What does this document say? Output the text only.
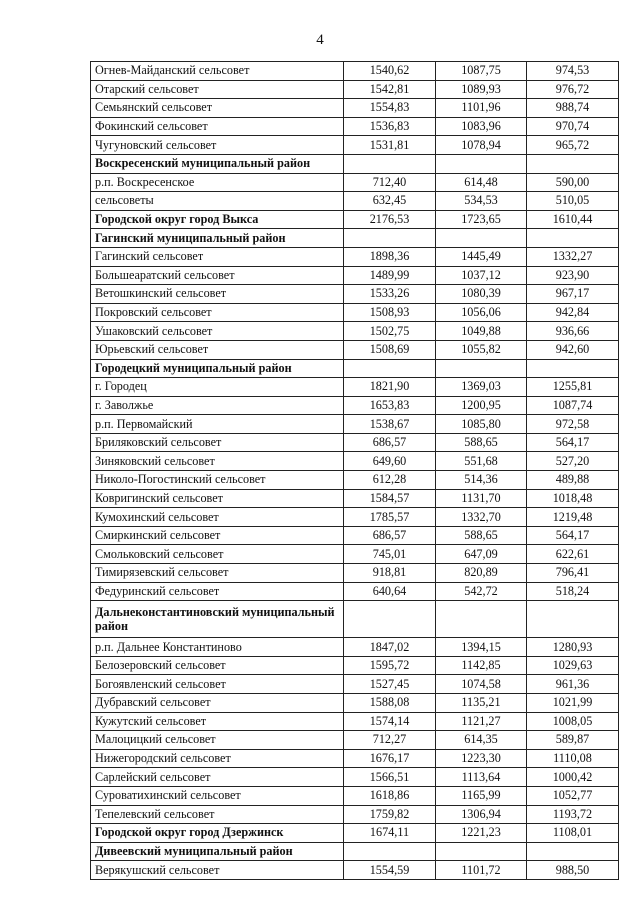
4
Огнев-Майданский сельсовет	1540,62	1087,75	974,53
Отарский сельсовет	1542,81	1089,93	976,72
Семьянский сельсовет	1554,83	1101,96	988,74
Фокинский сельсовет	1536,83	1083,96	970,74
Чугуновский сельсовет	1531,81	1078,94	965,72
Воскресенский муниципальный район			
р.п. Воскресенское	712,40	614,48	590,00
сельсоветы	632,45	534,53	510,05
Городской округ город Выкса	2176,53	1723,65	1610,44
Гагинский муниципальный район			
Гагинский сельсовет	1898,36	1445,49	1332,27
Большеаратский сельсовет	1489,99	1037,12	923,90
Ветошкинский сельсовет	1533,26	1080,39	967,17
Покровский сельсовет	1508,93	1056,06	942,84
Ушаковский сельсовет	1502,75	1049,88	936,66
Юрьевский сельсовет	1508,69	1055,82	942,60
Городецкий муниципальный район			
г. Городец	1821,90	1369,03	1255,81
г. Заволжье	1653,83	1200,95	1087,74
р.п. Первомайский	1538,67	1085,80	972,58
Бриляковский сельсовет	686,57	588,65	564,17
Зиняковский сельсовет	649,60	551,68	527,20
Николо-Погостинский сельсовет	612,28	514,36	489,88
Ковригинский сельсовет	1584,57	1131,70	1018,48
Кумохинский сельсовет	1785,57	1332,70	1219,48
Смиркинский сельсовет	686,57	588,65	564,17
Смольковский сельсовет	745,01	647,09	622,61
Тимирязевский сельсовет	918,81	820,89	796,41
Федуринский сельсовет	640,64	542,72	518,24
Дальнеконстантиновский муниципальный район			
р.п. Дальнее Константиново	1847,02	1394,15	1280,93
Белозеровский сельсовет	1595,72	1142,85	1029,63
Богоявленский сельсовет	1527,45	1074,58	961,36
Дубравский сельсовет	1588,08	1135,21	1021,99
Кужутский сельсовет	1574,14	1121,27	1008,05
Малоцицкий сельсовет	712,27	614,35	589,87
Нижегородский сельсовет	1676,17	1223,30	1110,08
Сарлейский сельсовет	1566,51	1113,64	1000,42
Суроватихинский сельсовет	1618,86	1165,99	1052,77
Тепелевский сельсовет	1759,82	1306,94	1193,72
Городской округ город Дзержинск	1674,11	1221,23	1108,01
Дивеевский муниципальный район			
Верякушский сельсовет	1554,59	1101,72	988,50
